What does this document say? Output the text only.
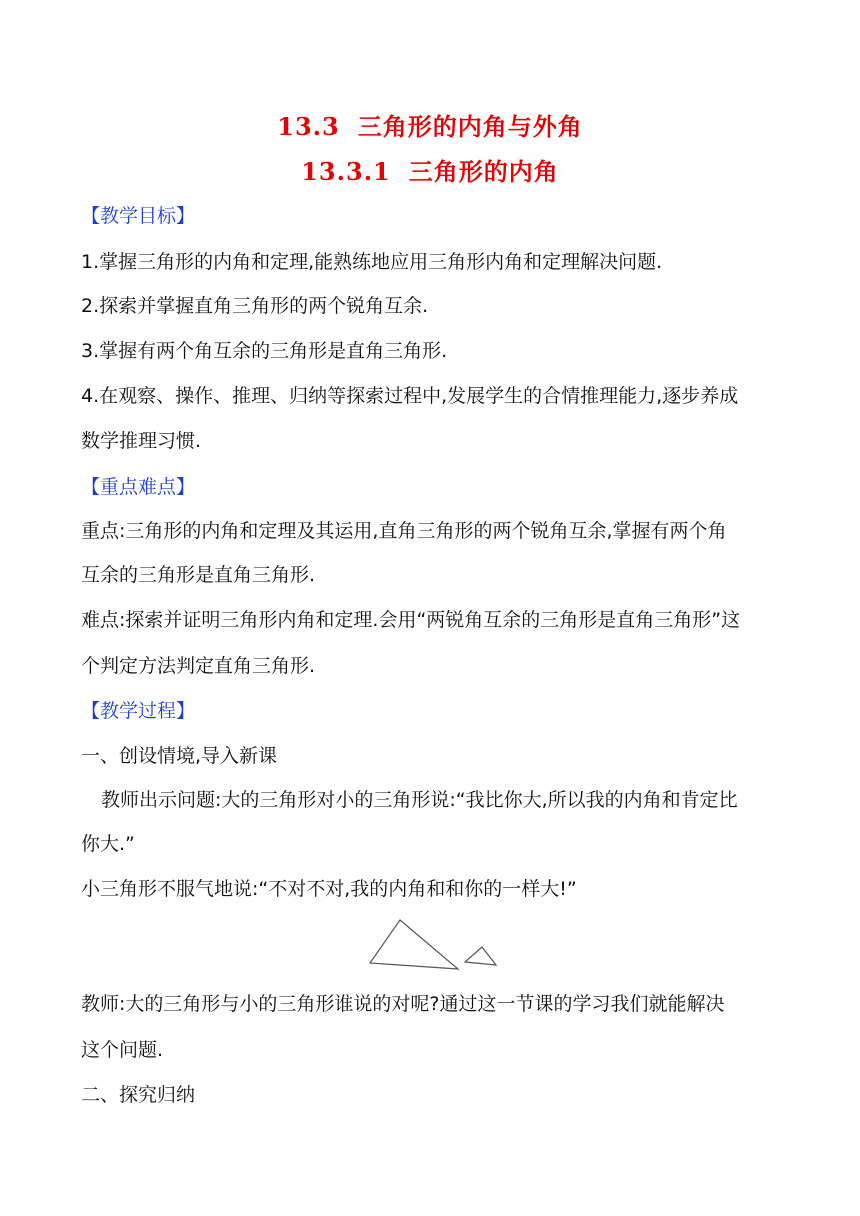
13.3 三角形的内角与外角
13.3.1 三角形的内角
【教学目标】
1.掌握三角形的内角和定理,能熟练地应用三角形内角和定理解决问题.
2.探索并掌握直角三角形的两个锐角互余.
3.掌握有两个角互余的三角形是直角三角形.
4.在观察、操作、推理、归纳等探索过程中,发展学生的合情推理能力,逐步养成
数学推理习惯.
【重点难点】
重点:三角形的内角和定理及其运用,直角三角形的两个锐角互余,掌握有两个角
互余的三角形是直角三角形.
难点:探索并证明三角形内角和定理.会用“两锐角互余的三角形是直角三角形”这
个判定方法判定直角三角形.
【教学过程】
一、创设情境,导入新课
教师出示问题:大的三角形对小的三角形说:“我比你大,所以我的内角和肯定比
你大.”
小三角形不服气地说:“不对不对,我的内角和和你的一样大!”
教师:大的三角形与小的三角形谁说的对呢?通过这一节课的学习我们就能解决
这个问题.
二、探究归纳
